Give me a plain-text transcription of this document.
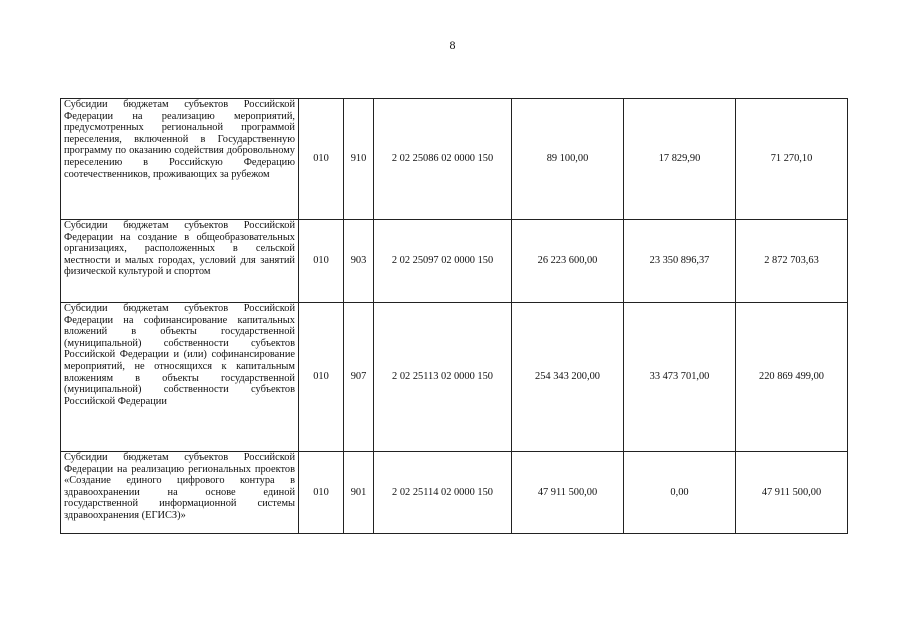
8
Субсидии бюджетам субъектов Российской Федерации на реализацию мероприятий, предусмотренных региональной программой переселения, включенной в Государственную программу по оказанию содействия добровольному переселению в Российскую Федерацию соотечественников, проживающих за рубежом	010	910	2 02 25086 02 0000 150	89 100,00	17 829,90	71 270,10
Субсидии бюджетам субъектов Российской Федерации на создание в общеобразовательных организациях, расположенных в сельской местности и малых городах, условий для занятий физической культурой и спортом	010	903	2 02 25097 02 0000 150	26 223 600,00	23 350 896,37	2 872 703,63
Субсидии бюджетам субъектов Российской Федерации на софинансирование капитальных вложений в объекты государственной (муниципальной) собственности субъектов Российской Федерации и (или) софинансирование мероприятий, не относящихся к капитальным вложениям в объекты государственной (муниципальной) собственности субъектов Российской Федерации	010	907	2 02 25113 02 0000 150	254 343 200,00	33 473 701,00	220 869 499,00
Субсидии бюджетам субъектов Российской Федерации на реализацию региональных проектов «Создание единого цифрового контура в здравоохранении на основе единой государственной информационной системы здравоохранения (ЕГИСЗ)»	010	901	2 02 25114 02 0000 150	47 911 500,00	0,00	47 911 500,00
